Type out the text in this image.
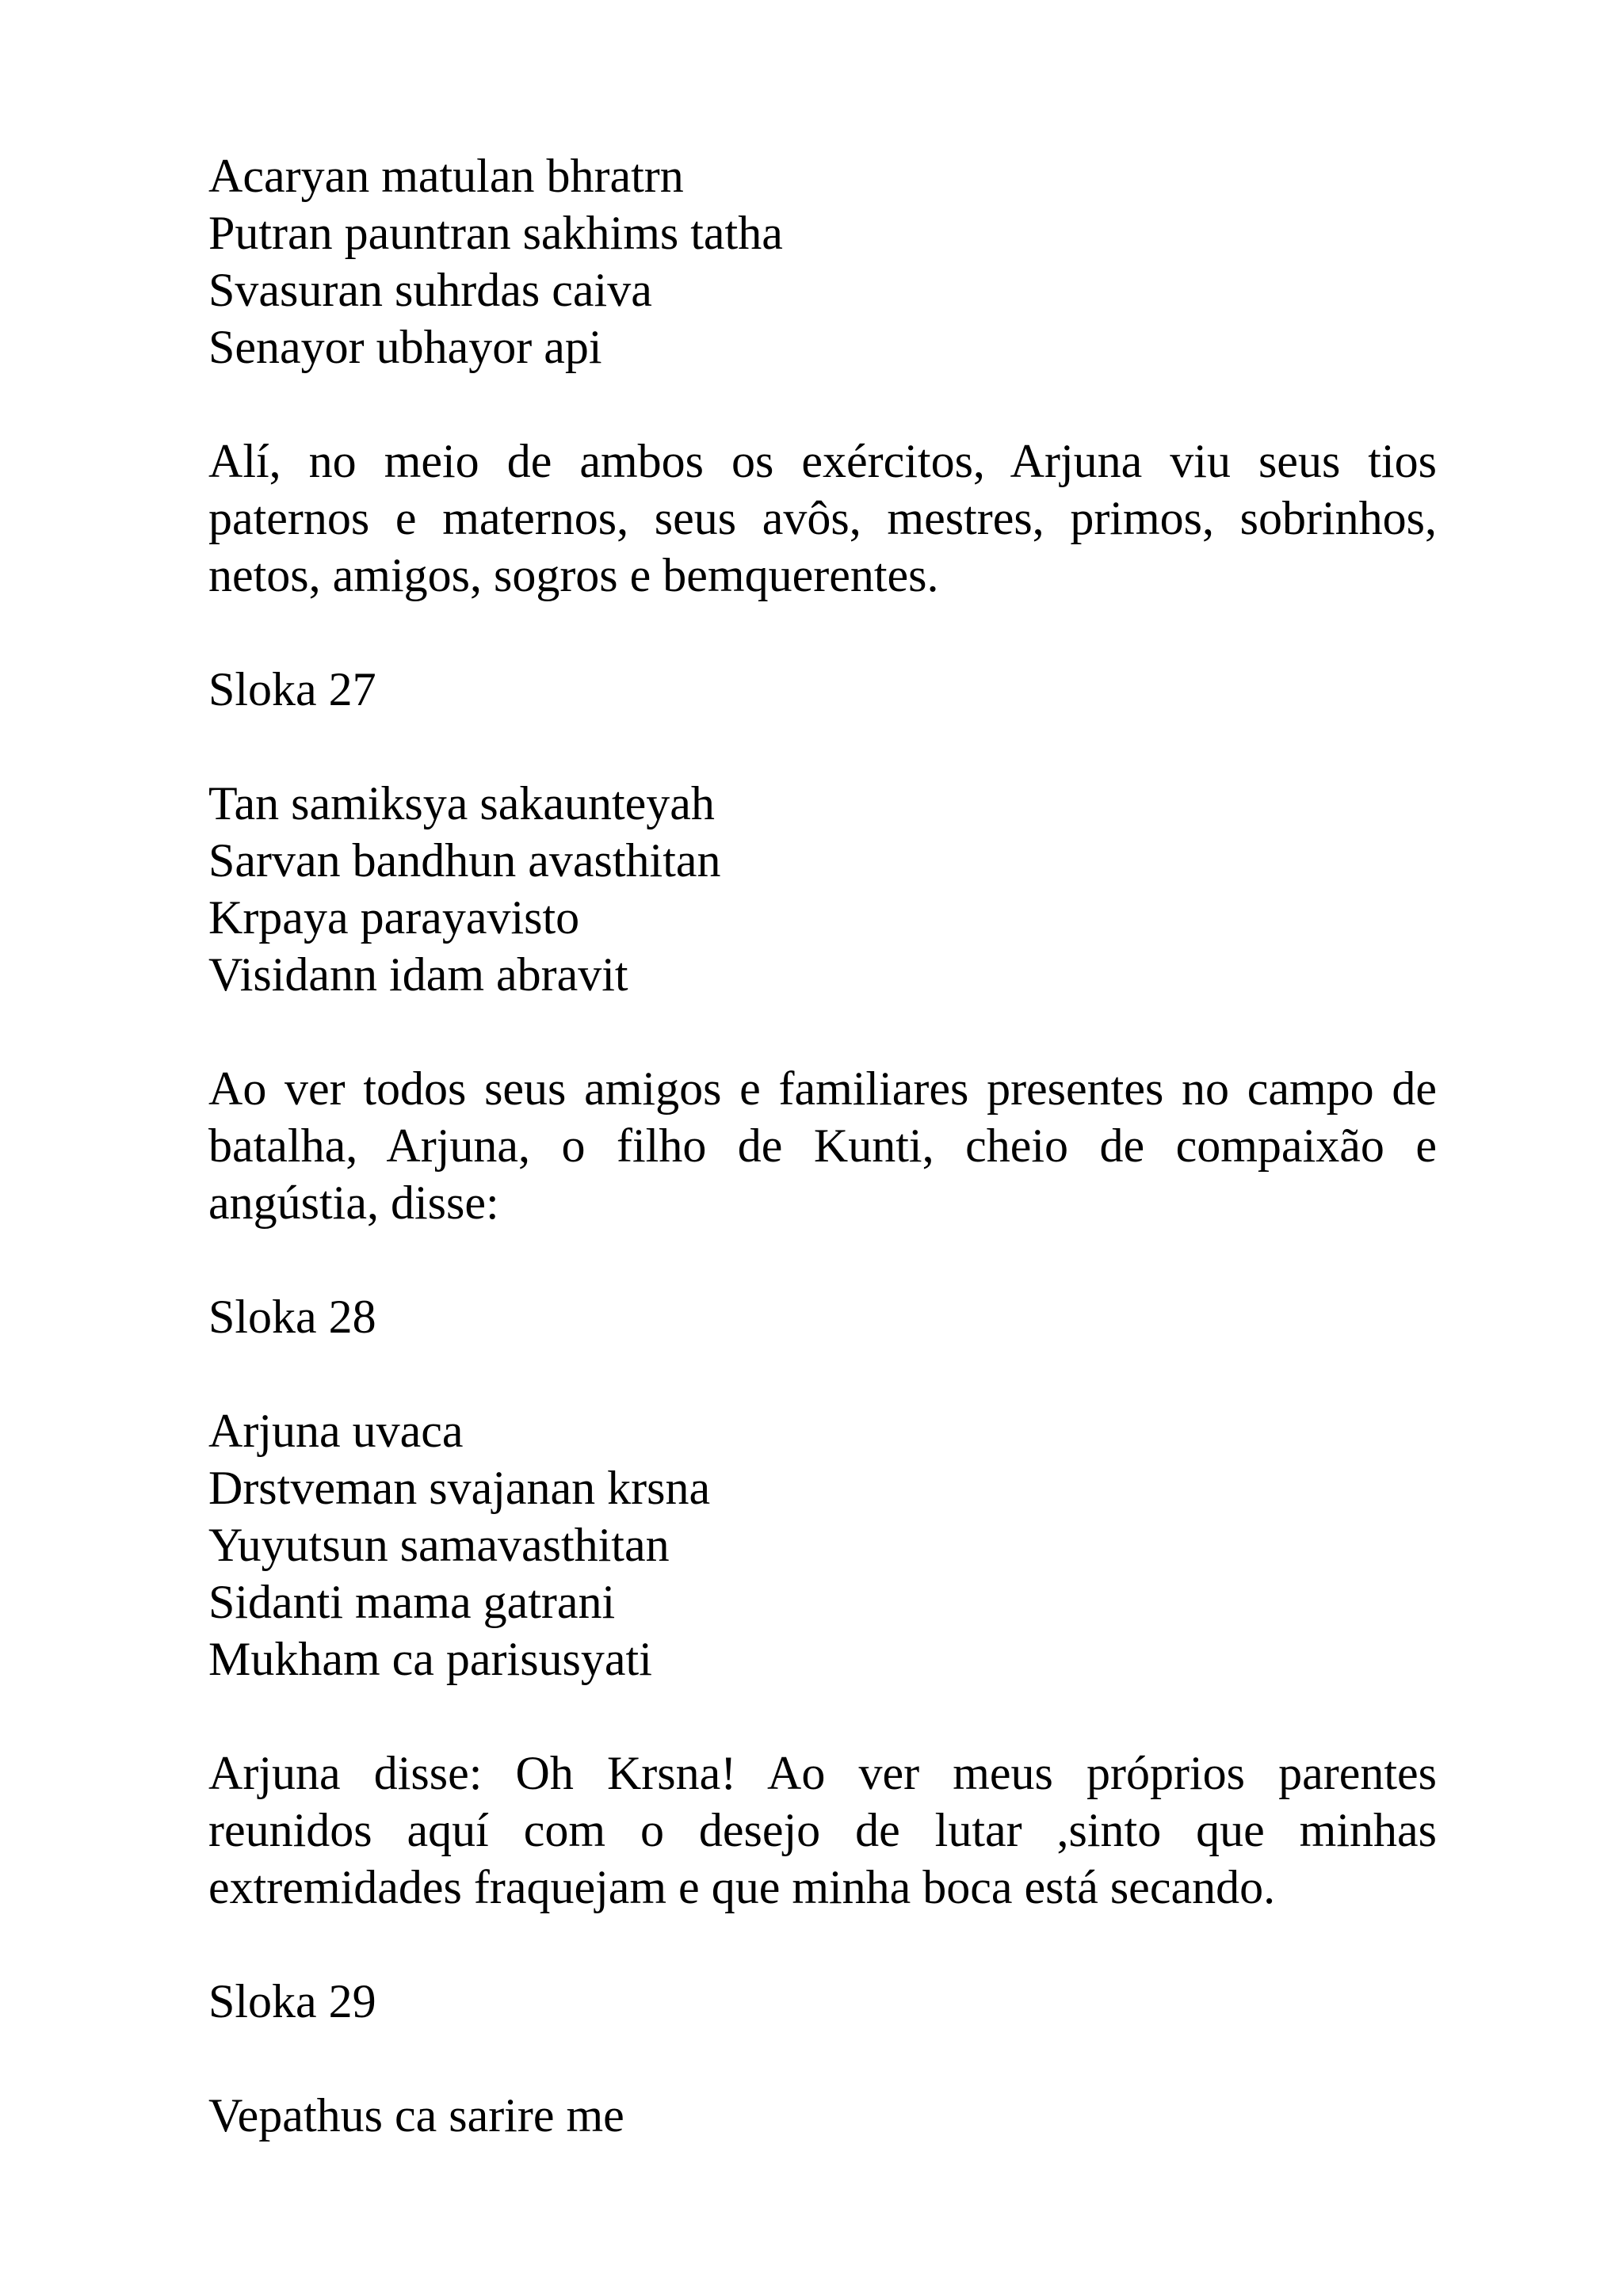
Acaryan matulan bhratrn
Putran pauntran sakhims tatha
Svasuran suhrdas caiva
Senayor ubhayor api

Alí, no meio de ambos os exércitos, Arjuna viu seus tios paternos e maternos, seus avôs, mestres, primos, sobrinhos, netos, amigos, sogros e bemquerentes.

Sloka 27

Tan samiksya sakaunteyah
Sarvan bandhun avasthitan
Krpaya parayavisto
Visidann idam abravit

Ao ver todos seus amigos e familiares presentes no campo de batalha, Arjuna, o filho de Kunti, cheio de compaixão e angústia, disse:

Sloka 28

Arjuna uvaca
Drstveman svajanan krsna
Yuyutsun samavasthitan
Sidanti mama gatrani
Mukham ca parisusyati

Arjuna disse: Oh Krsna! Ao ver meus próprios parentes reunidos aquí com o desejo de lutar ,sinto que minhas extremidades fraquejam e que minha boca está secando.

Sloka 29

Vepathus ca sarire me
